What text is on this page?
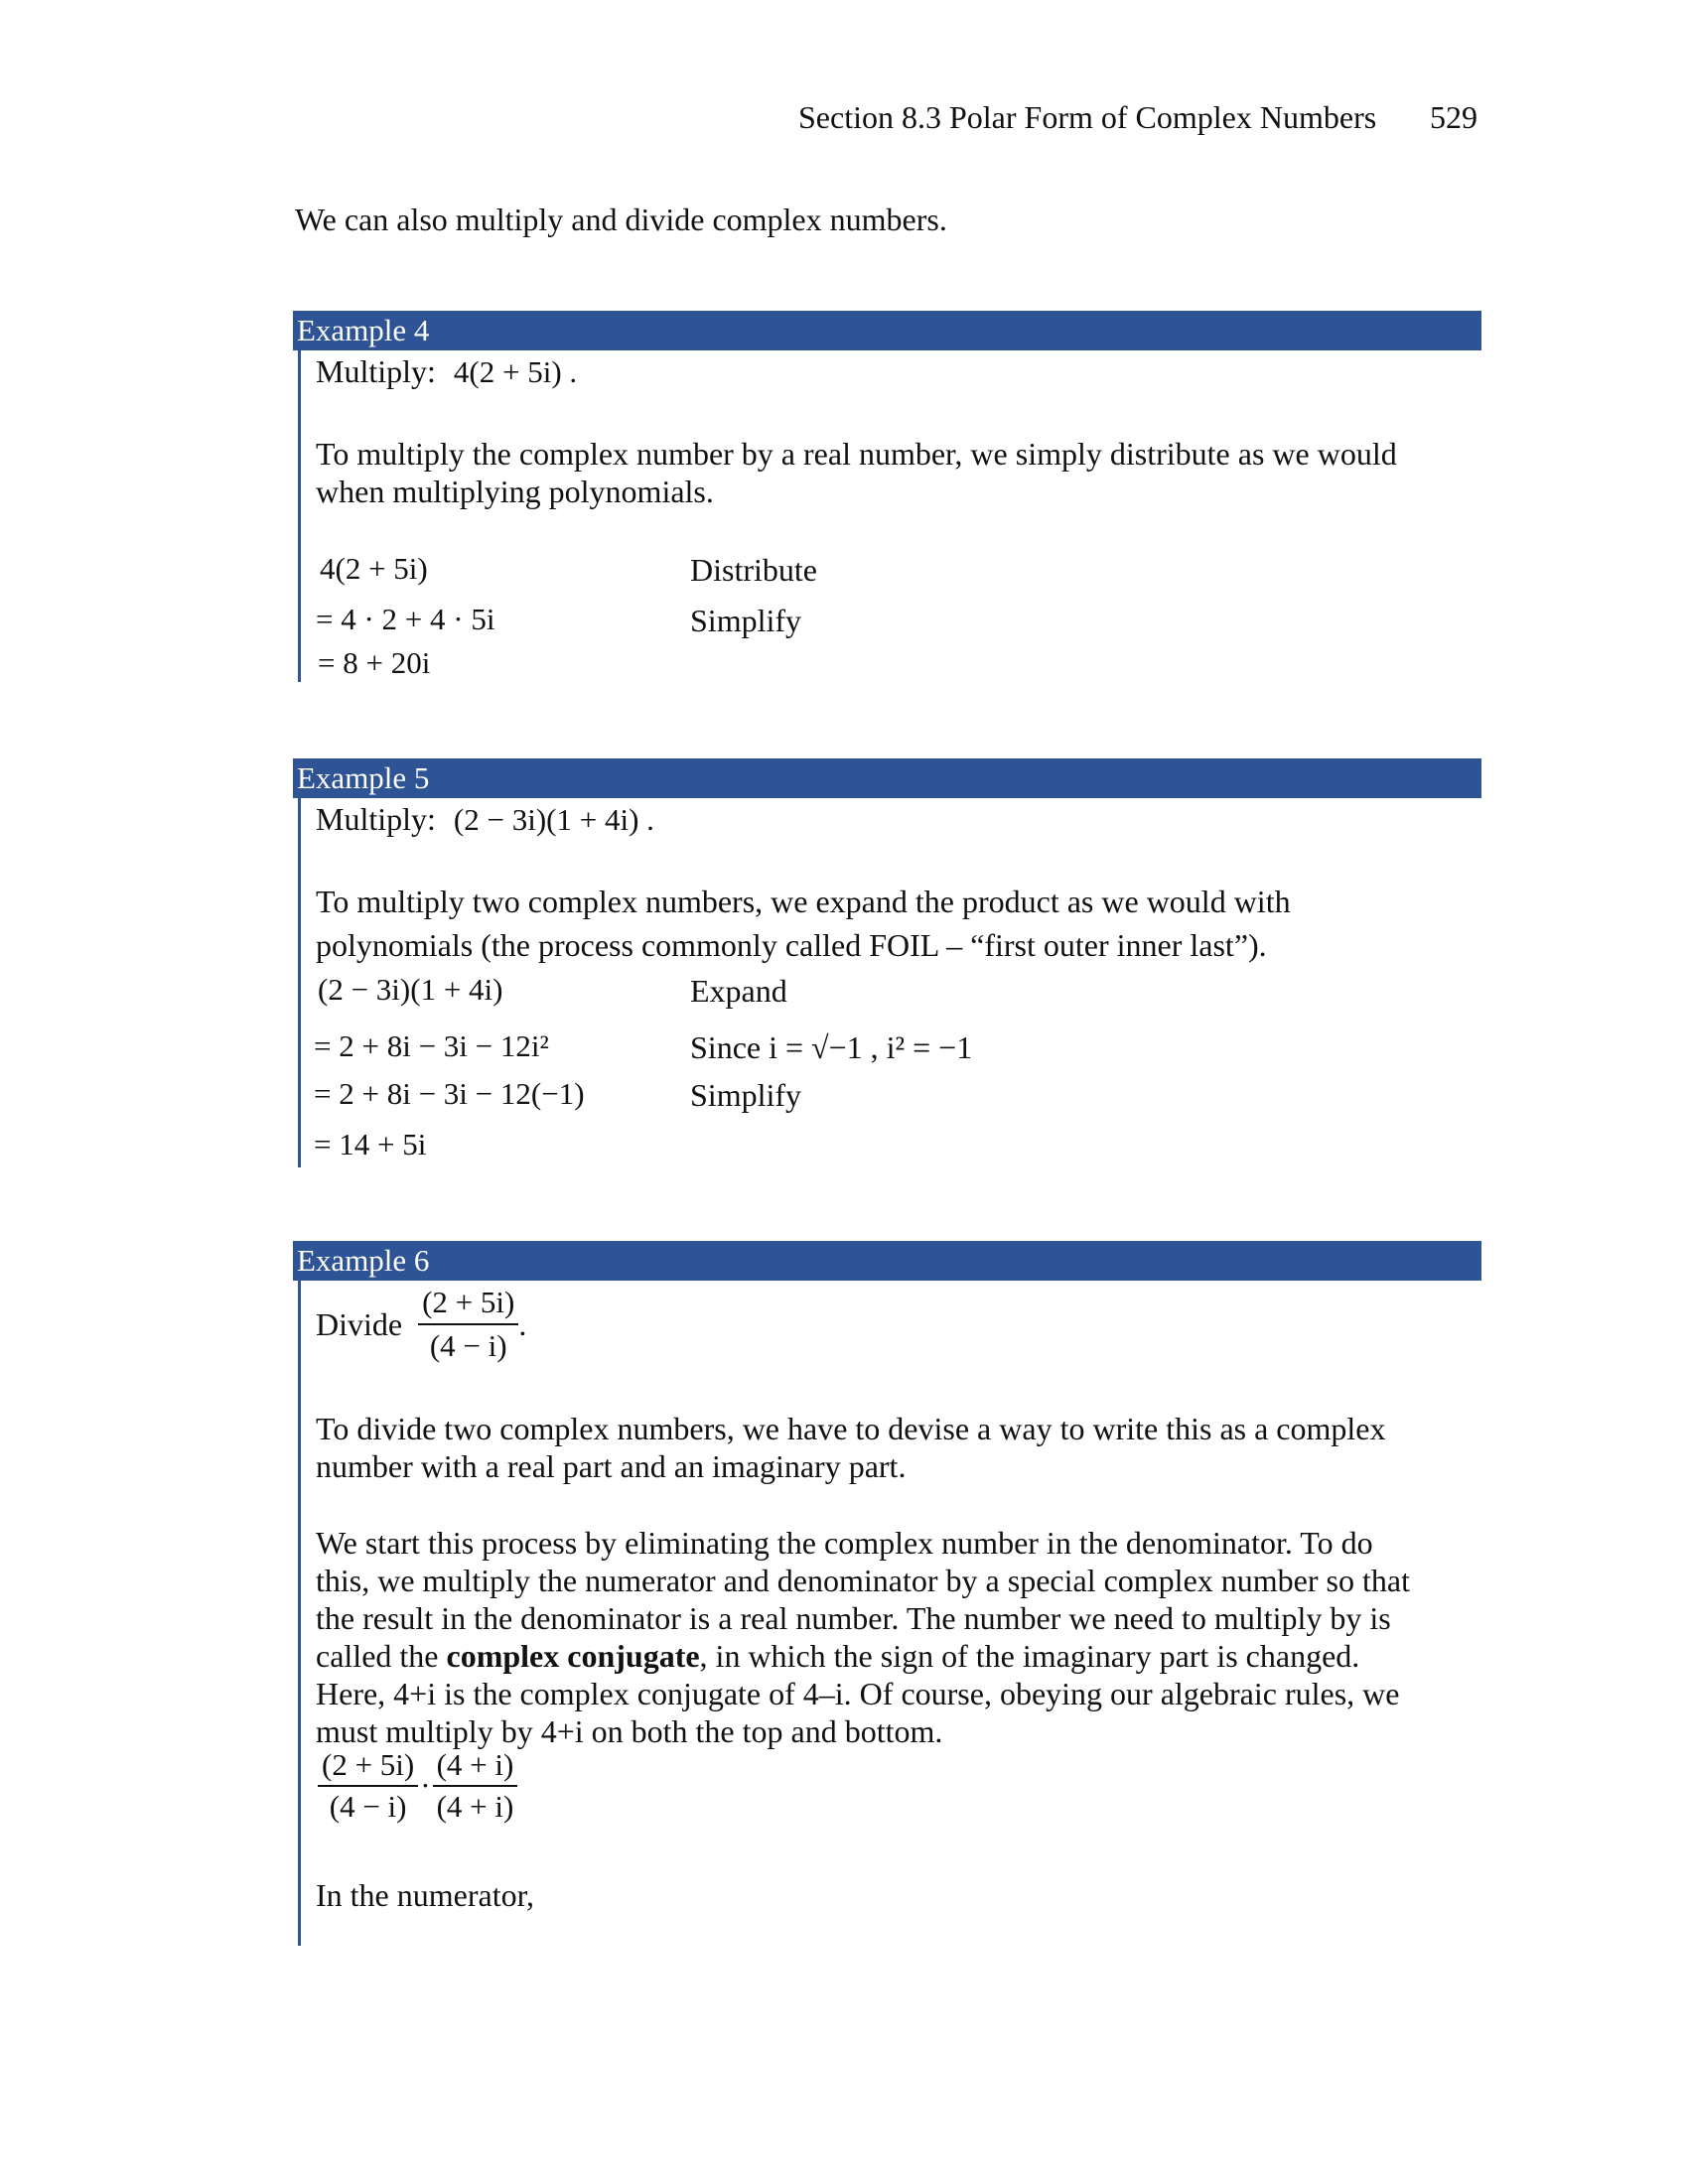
Section 8.3 Polar Form of Complex Numbers 529
We can also multiply and divide complex numbers.
Example 4
Multiply: 4(2 + 5i) .
To multiply the complex number by a real number, we simply distribute as we would
when multiplying polynomials.
4(2 + 5i)	Distribute
= 4 · 2 + 4 · 5i	Simplify
= 8 + 20i
Example 5
Multiply: (2 − 3i)(1 + 4i) .
To multiply two complex numbers, we expand the product as we would with
polynomials (the process commonly called FOIL – “first outer inner last”).
(2 − 3i)(1 + 4i)	Expand
= 2 + 8i − 3i − 12i²	Since i = √−1 , i² = −1
= 2 + 8i − 3i − 12(−1)	Simplify
= 14 + 5i
Example 6
Divide $\frac{(2 + 5i)}{(4 - i)}$ .
To divide two complex numbers, we have to devise a way to write this as a complex
number with a real part and an imaginary part.
We start this process by eliminating the complex number in the denominator. To do
this, we multiply the numerator and denominator by a special complex number so that
the result in the denominator is a real number. The number we need to multiply by is
called the complex conjugate, in which the sign of the imaginary part is changed.
Here, 4+i is the complex conjugate of 4–i. Of course, obeying our algebraic rules, we
must multiply by 4+i on both the top and bottom.
$\frac{(2 + 5i)}{(4 - i)} \cdot \frac{(4 + i)}{(4 + i)}$
In the numerator,
